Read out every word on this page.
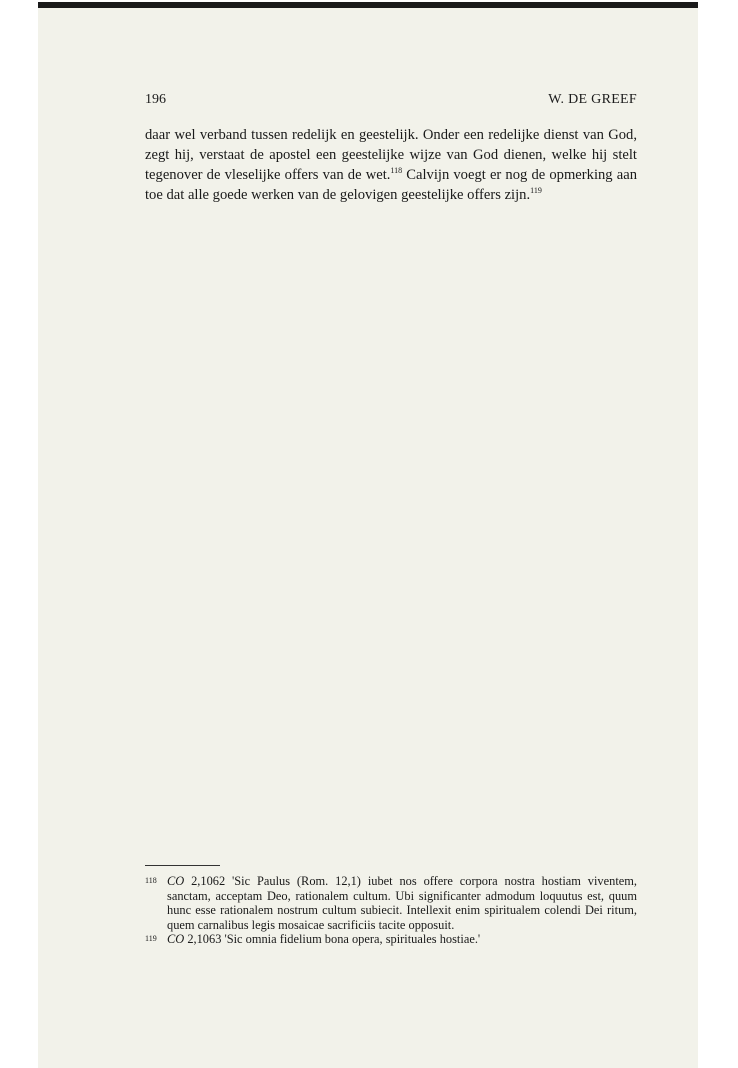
196	W. DE GREEF

daar wel verband tussen redelijk en geestelijk. Onder een redelijke dienst van God, zegt hij, verstaat de apostel een geestelijke wijze van God dienen, welke hij stelt tegenover de vleselijke offers van de wet.$^{118}$ Calvijn voegt er nog de opmerking aan toe dat alle goede werken van de gelovigen geestelijke offers zijn.$^{119}$

118 CO 2,1062 'Sic Paulus (Rom. 12,1) iubet nos offere corpora nostra hostiam viventem, sanctam, acceptam Deo, rationalem cultum. Ubi significanter admodum loquutus est, quum hunc esse rationalem nostrum cultum subiecit. Intellexit enim spiritualem colendi Dei ritum, quem carnalibus legis mosaicae sacrificiis tacite opposuit.
119 CO 2,1063 'Sic omnia fidelium bona opera, spirituales hostiae.'
